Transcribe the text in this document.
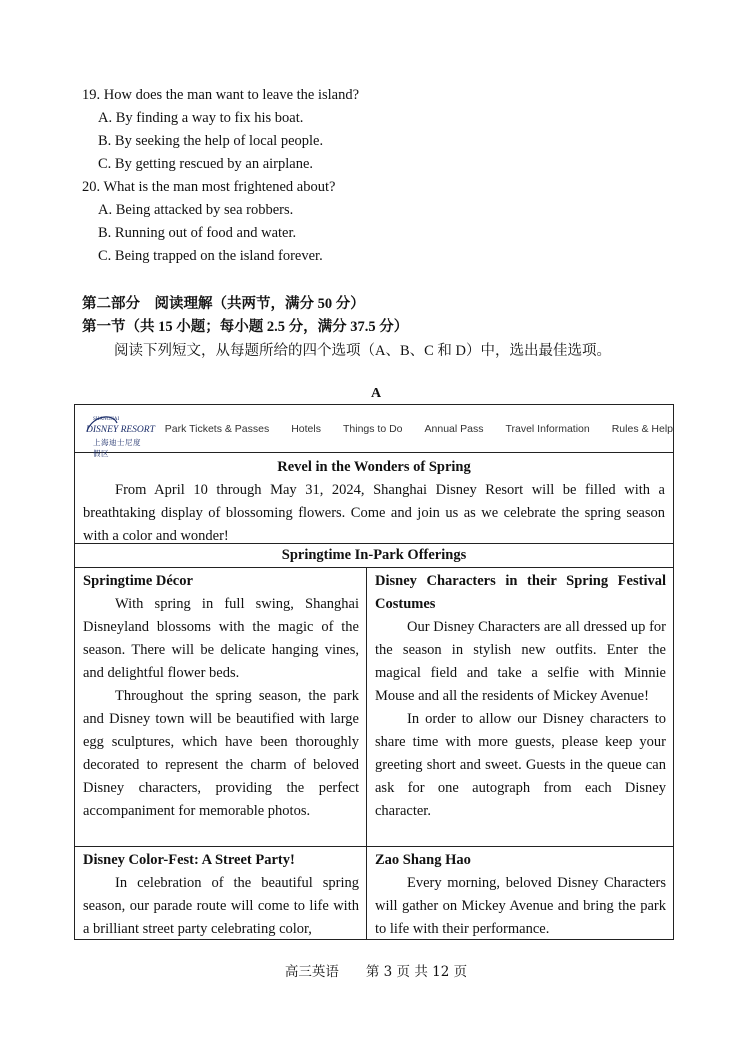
19. How does the man want to leave the island?
A. By finding a way to fix his boat.
B. By seeking the help of local people.
C. By getting rescued by an airplane.
20. What is the man most frightened about?
A. Being attacked by sea robbers.
B. Running out of food and water.
C. Being trapped on the island forever.
第二部分　阅读理解（共两节，满分 50 分）
第一节（共 15 小题；每小题 2.5 分，满分 37.5 分）
阅读下列短文，从每题所给的四个选项（A、B、C 和 D）中，选出最佳选项。
A
SHANGHAI
DISNEY RESORT
上海迪士尼度假区
Park Tickets & Passes Hotels Things to Do Annual Pass Travel Information Rules & Help
Revel in the Wonders of Spring
From April 10 through May 31, 2024, Shanghai Disney Resort will be filled with a breathtaking display of blossoming flowers. Come and join us as we celebrate the spring season with a color and wonder!
Springtime In-Park Offerings
Springtime Décor
With spring in full swing, Shanghai Disneyland blossoms with the magic of the season. There will be delicate hanging vines, and delightful flower beds.
Throughout the spring season, the park and Disney town will be beautified with large egg sculptures, which have been thoroughly decorated to represent the charm of beloved Disney characters, providing the perfect accompaniment for memorable photos.
Disney Characters in their Spring Festival Costumes
Our Disney Characters are all dressed up for the season in stylish new outfits. Enter the magical field and take a selfie with Minnie Mouse and all the residents of Mickey Avenue!
In order to allow our Disney characters to share time with more guests, please keep your greeting short and sweet. Guests in the queue can ask for one autograph from each Disney character.
Disney Color-Fest: A Street Party!
In celebration of the beautiful spring season, our parade route will come to life with a brilliant street party celebrating color,
Zao Shang Hao
Every morning, beloved Disney Characters will gather on Mickey Avenue and bring the park to life with their performance.
高三英语　　第 3 页 共 12 页
